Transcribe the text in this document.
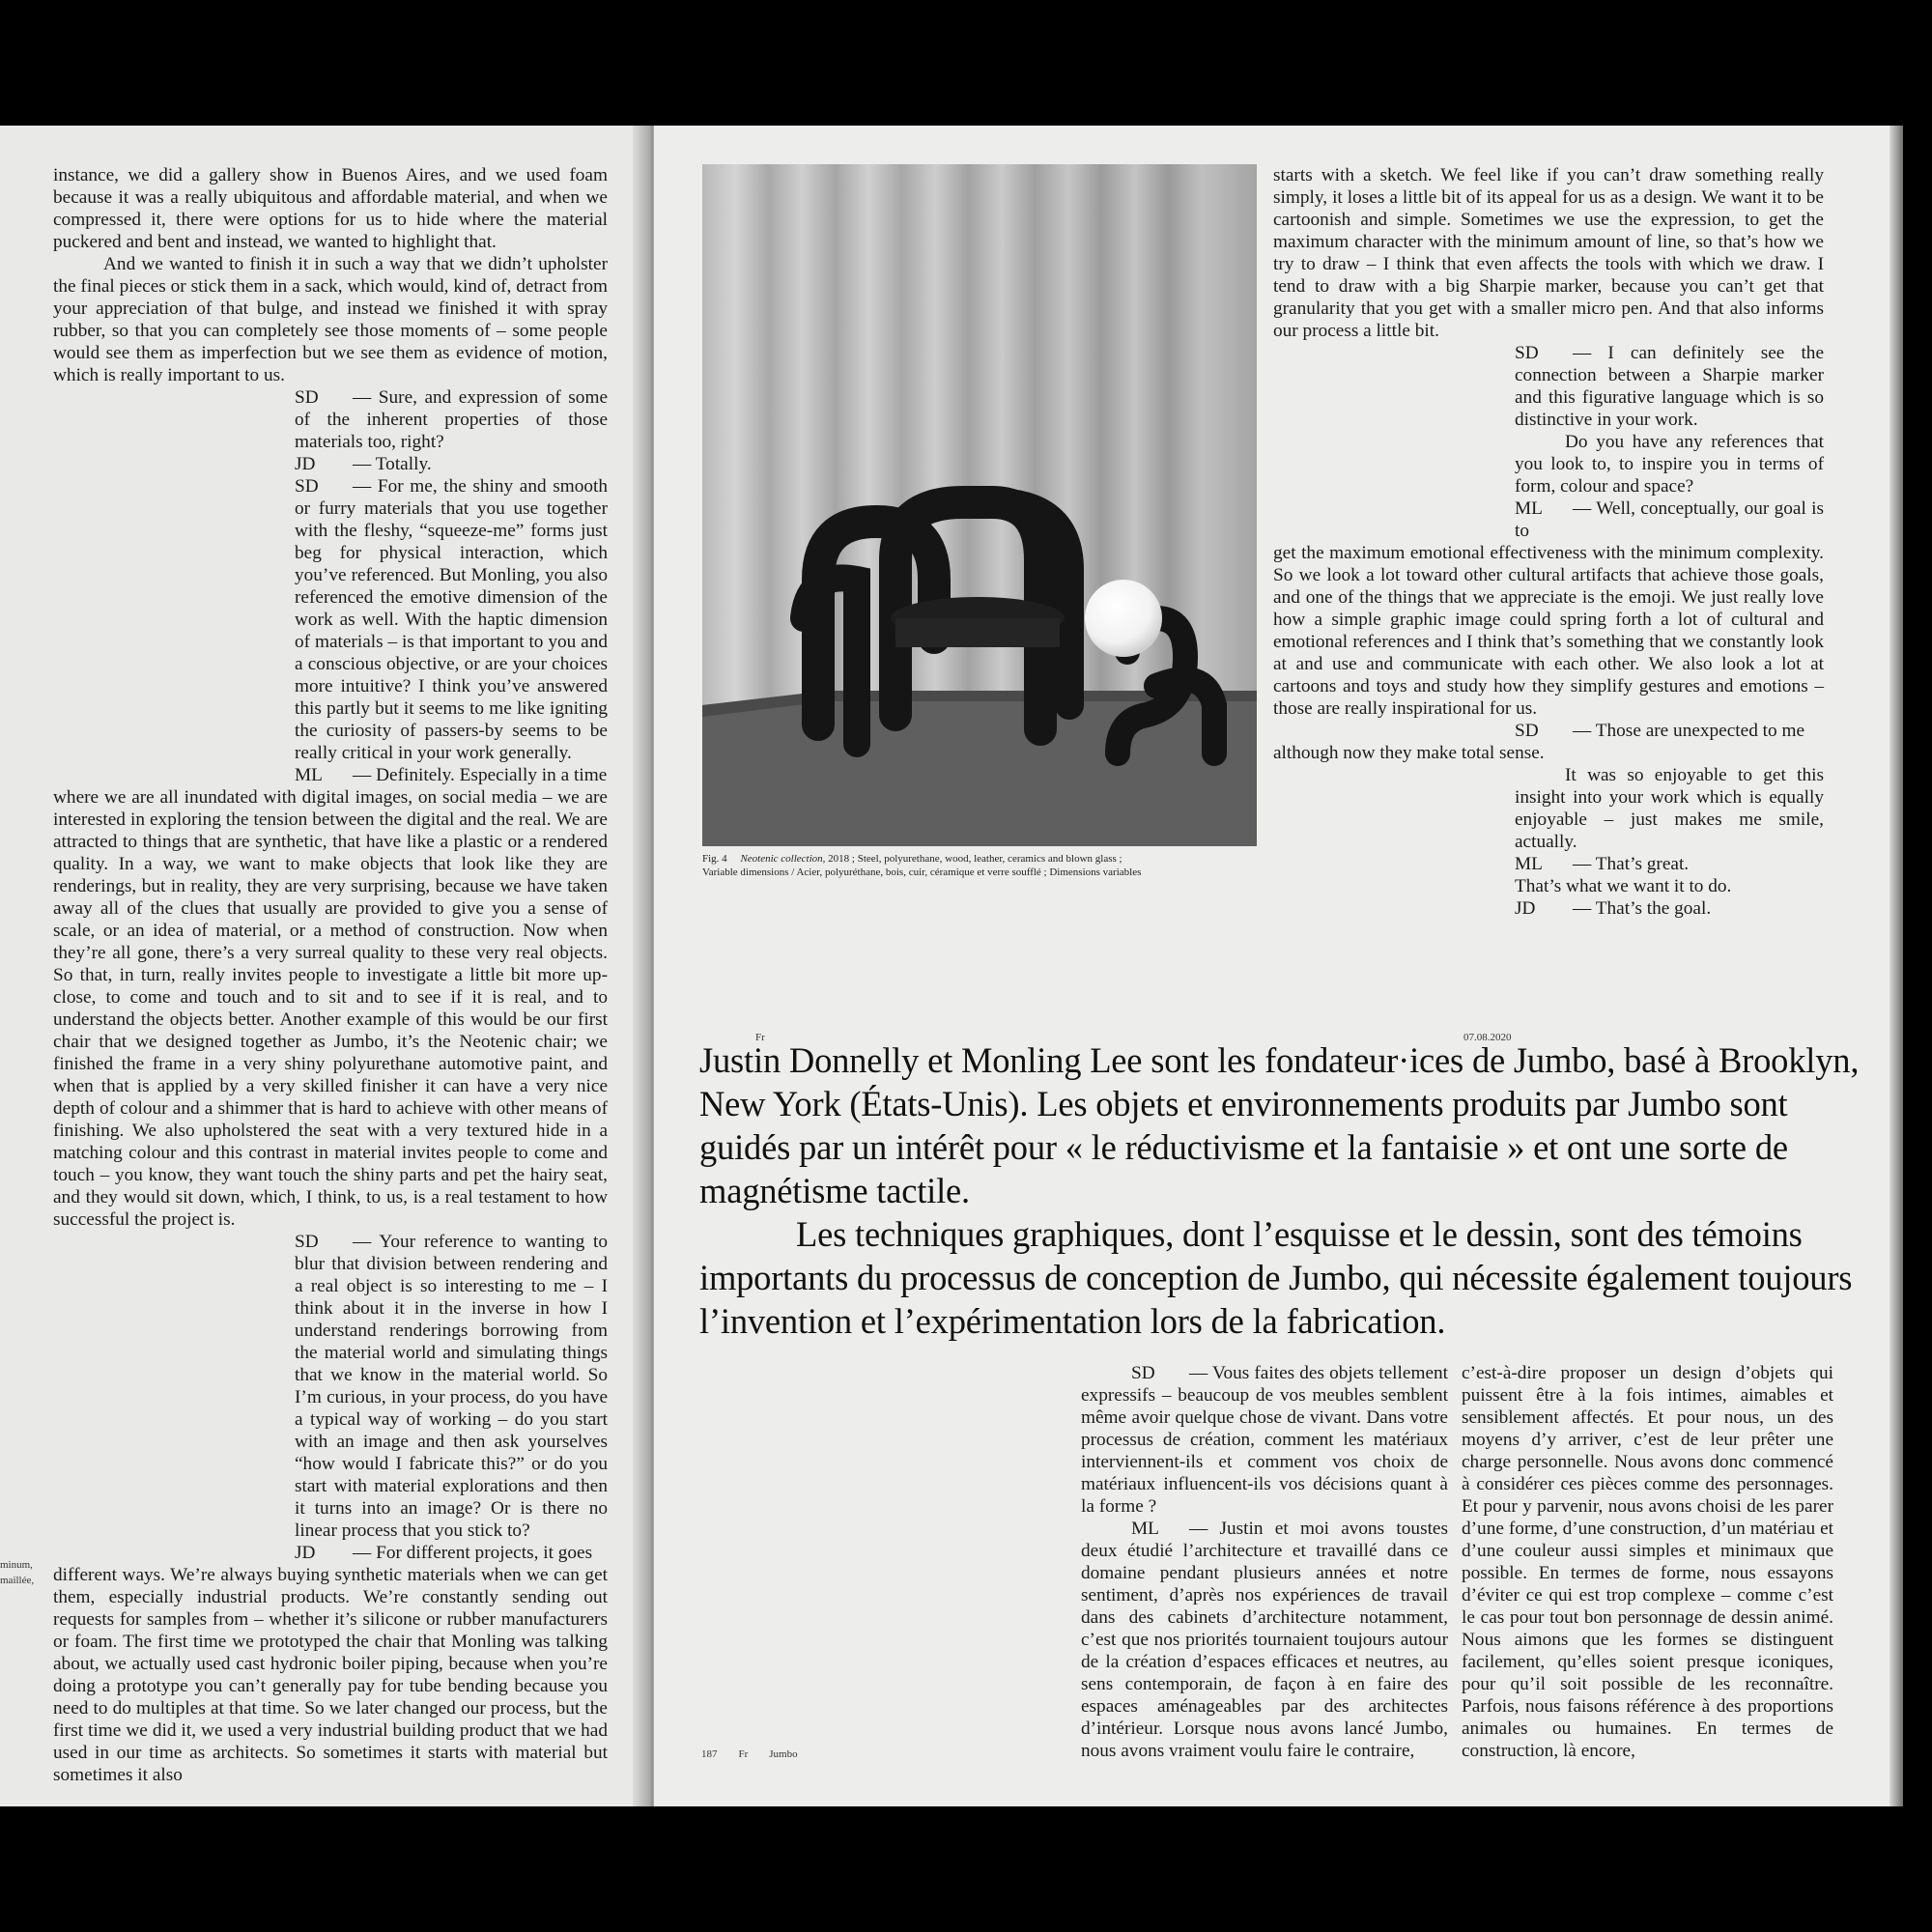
instance, we did a gallery show in Buenos Aires, and we used foam because it was a really ubiquitous and affordable material, and when we compressed it, there were options for us to hide where the material puckered and bent and instead, we wanted to highlight that.

And we wanted to finish it in such a way that we didn’t upholster the final pieces or stick them in a sack, which would, kind of, detract from your appreciation of that bulge, and instead we finished it with spray rubber, so that you can completely see those moments of – some people would see them as imperfection but we see them as evidence of motion, which is really important to us.

SD — Sure, and expression of some of the inherent properties of those materials too, right?

JD — Totally.

SD — For me, the shiny and smooth or furry materials that you use together with the fleshy, “squeeze-me” forms just beg for physical interaction, which you’ve referenced. But Monling, you also referenced the emotive dimension of the work as well. With the haptic dimension of materials – is that important to you and a conscious objective, or are your choices more intuitive? I think you’ve answered this partly but it seems to me like igniting the curiosity of passers-by seems to be really critical in your work generally.

ML — Definitely. Especially in a time

where we are all inundated with digital images, on social media – we are interested in exploring the tension between the digital and the real. We are attracted to things that are synthetic, that have like a plastic or a rendered quality. In a way, we want to make objects that look like they are renderings, but in reality, they are very surprising, because we have taken away all of the clues that usually are provided to give you a sense of scale, or an idea of material, or a method of construction. Now when they’re all gone, there’s a very surreal quality to these very real objects. So that, in turn, really invites people to investigate a little bit more up-close, to come and touch and to sit and to see if it is real, and to understand the objects better. Another example of this would be our first chair that we designed together as Jumbo, it’s the Neotenic chair; we finished the frame in a very shiny polyurethane automotive paint, and when that is applied by a very skilled finisher it can have a very nice depth of colour and a shimmer that is hard to achieve with other means of finishing. We also upholstered the seat with a very textured hide in a matching colour and this contrast in material invites people to come and touch – you know, they want touch the shiny parts and pet the hairy seat, and they would sit down, which, I think, to us, is a real testament to how successful the project is.

SD — Your reference to wanting to blur that division between rendering and a real object is so interesting to me – I think about it in the inverse in how I understand renderings borrowing from the material world and simulating things that we know in the material world. So I’m curious, in your process, do you have a typical way of working – do you start with an image and then ask yourselves “how would I fabricate this?” or do you start with material explorations and then it turns into an image? Or is there no linear process that you stick to?

JD — For different projects, it goes

different ways. We’re always buying synthetic materials when we can get them, especially industrial products. We’re constantly sending out requests for samples from – whether it’s silicone or rubber manufacturers or foam. The first time we prototyped the chair that Monling was talking about, we actually used cast hydronic boiler piping, because when you’re doing a prototype you can’t generally pay for tube bending because you need to do multiples at that time. So we later changed our process, but the first time we did it, we used a very industrial building product that we had used in our time as architects. So sometimes it starts with material but sometimes it also

minum,
maillée,
Fig. 4 Neotenic collection, 2018 ; Steel, polyurethane, wood, leather, ceramics and blown glass ;
Variable dimensions / Acier, polyuréthane, bois, cuir, céramique et verre soufflé ; Dimensions variables

starts with a sketch. We feel like if you can’t draw something really simply, it loses a little bit of its appeal for us as a design. We want it to be cartoonish and simple. Sometimes we use the expression, to get the maximum character with the minimum amount of line, so that’s how we try to draw – I think that even affects the tools with which we draw. I tend to draw with a big Sharpie marker, because you can’t get that granularity that you get with a smaller micro pen. And that also informs our process a little bit.

SD — I can definitely see the connection between a Sharpie marker and this figurative language which is so distinctive in your work.

Do you have any references that you look to, to inspire you in terms of form, colour and space?

ML — Well, conceptually, our goal is to

get the maximum emotional effectiveness with the minimum complexity. So we look a lot toward other cultural artifacts that achieve those goals, and one of the things that we appreciate is the emoji. We just really love how a simple graphic image could spring forth a lot of cultural and emotional references and I think that’s something that we constantly look at and use and communicate with each other. We also look a lot at cartoons and toys and study how they simplify gestures and emotions – those are really inspirational for us.

SD — Those are unexpected to me

although now they make total sense.

It was so enjoyable to get this insight into your work which is equally enjoyable – just makes me smile, actually.

ML — That’s great.

That’s what we want it to do.

JD — That’s the goal.

Fr	07.08.2020

Justin Donnelly et Monling Lee sont les fondateur·ices de Jumbo, basé à Brooklyn, New York (États-Unis). Les objets et environnements produits par Jumbo sont guidés par un intérêt pour « le réductivisme et la fantaisie » et ont une sorte de magnétisme tactile.

Les techniques graphiques, dont l’esquisse et le dessin, sont des témoins importants du processus de conception de Jumbo, qui nécessite également toujours l’invention et l’expérimentation lors de la fabrication.

SD — Vous faites des objets tellement expressifs – beaucoup de vos meubles semblent même avoir quelque chose de vivant. Dans votre processus de création, comment les matériaux interviennent-ils et comment vos choix de matériaux influencent-ils vos décisions quant à la forme ?

ML — Justin et moi avons toustes deux étudié l’architecture et travaillé dans ce domaine pendant plusieurs années et notre sentiment, d’après nos expériences de travail dans des cabinets d’architecture notamment, c’est que nos priorités tournaient toujours autour de la création d’espaces efficaces et neutres, au sens contemporain, de façon à en faire des espaces aménageables par des architectes d’intérieur. Lorsque nous avons lancé Jumbo, nous avons vraiment voulu faire le contraire,

c’est-à-dire proposer un design d’objets qui puissent être à la fois intimes, aimables et sensiblement affectés. Et pour nous, un des moyens d’y arriver, c’est de leur prêter une charge personnelle. Nous avons donc commencé à considérer ces pièces comme des personnages. Et pour y parvenir, nous avons choisi de les parer d’une forme, d’une construction, d’un matériau et d’une couleur aussi simples et minimaux que possible. En termes de forme, nous essayons d’éviter ce qui est trop complexe – comme c’est le cas pour tout bon personnage de dessin animé. Nous aimons que les formes se distinguent facilement, qu’elles soient presque iconiques, pour qu’il soit possible de les reconnaître. Parfois, nous faisons référence à des proportions animales ou humaines. En termes de construction, là encore,

187 Fr Jumbo
